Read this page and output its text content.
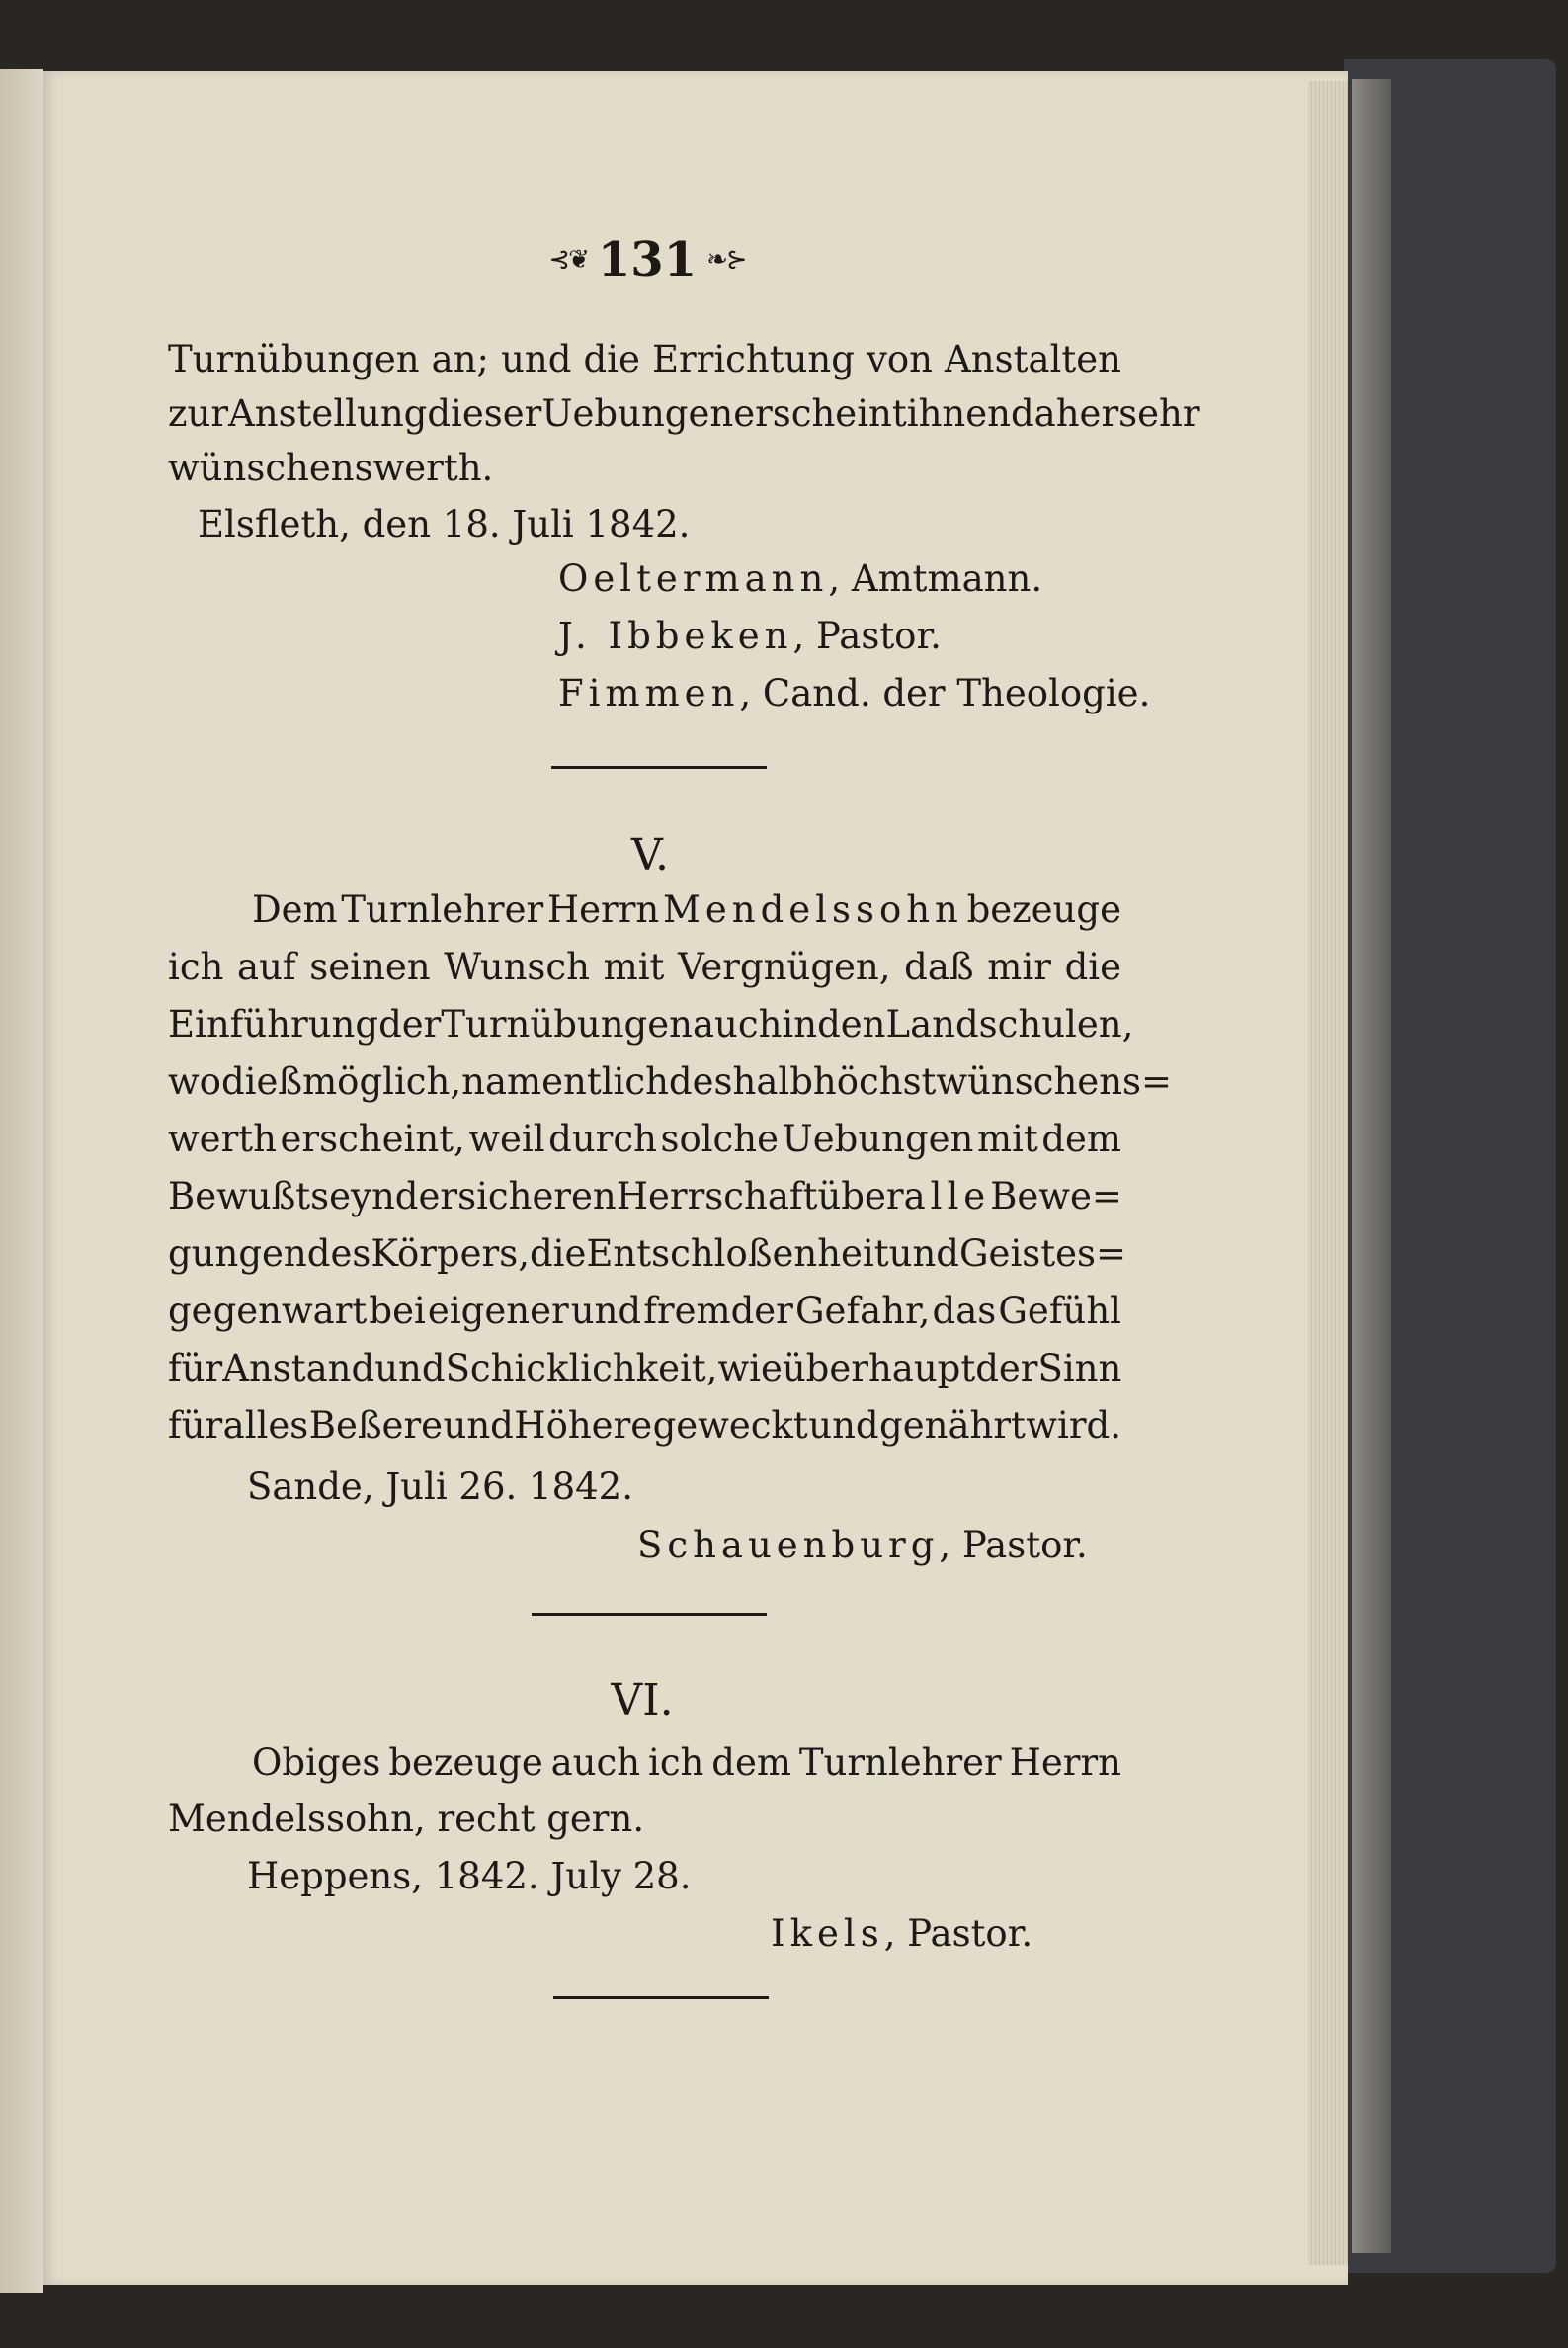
⊰❦ 131 ❧⊱
Turnübungen an; und die Errichtung von Anstalten
zur Anstellung dieser Uebungen erscheint ihnen daher sehr
wünschenswerth.
Elsfleth, den 18. Juli 1842.
Oeltermann, Amtmann.
J. Ibbeken, Pastor.
Fimmen, Cand. der Theologie.
V.
Dem Turnlehrer Herrn Mendelssohn bezeuge
ich auf seinen Wunsch mit Vergnügen, daß mir die
Einführung der Turnübungen auch in den Landschulen,
wo dieß möglich, namentlich deshalb höchst wünschens=
werth erscheint, weil durch solche Uebungen mit dem
Bewußtseyn der sicheren Herrschaft über alle Bewe=
gungen des Körpers, die Entschloßenheit und Geistes=
gegenwart bei eigener und fremder Gefahr, das Gefühl
für Anstand und Schicklichkeit, wie überhaupt der Sinn
für alles Beßere und Höhere geweckt und genährt wird.
Sande, Juli 26. 1842.
Schauenburg, Pastor.
VI.
Obiges bezeuge auch ich dem Turnlehrer Herrn
Mendelssohn, recht gern.
Heppens, 1842. July 28.
Ikels, Pastor.
